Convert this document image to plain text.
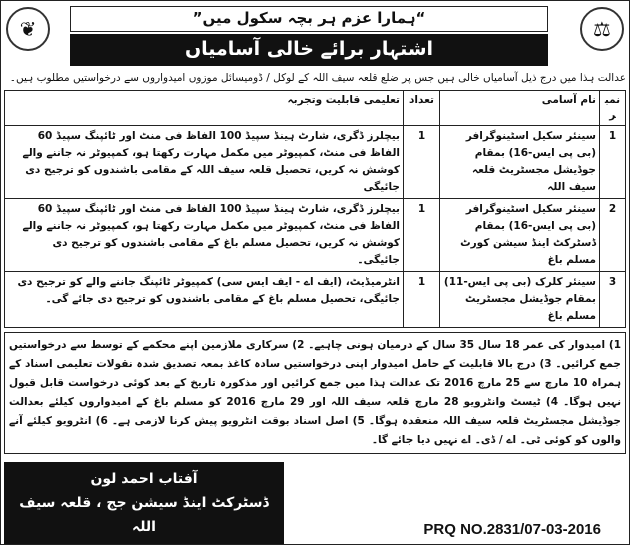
❦	⚖
“ہمارا عزم ہر بچہ سکول میں”
اشتہار برائے خالی آسامیاں
عدالت ہذا میں درج ذیل آسامیاں خالی ہیں جس پر ضلع قلعہ سیف اللہ کے لوکل / ڈومیسائل موزوں امیدواروں سے درخواستیں مطلوب ہیں۔
نمبر	نام آسامی	تعداد	تعلیمی قابلیت وتجربہ
1	سینئر سکیل اسٹینوگرافر (بی پی ایس-16) بمقام جوڈیشل مجسٹریٹ قلعہ سیف اللہ	1	بیچلرز ڈگری، شارٹ ہینڈ سپیڈ 100 الفاظ فی منٹ اور ٹائپنگ سپیڈ 60 الفاظ فی منٹ، کمپیوٹر میں مکمل مہارت رکھتا ہو، کمپیوٹر نہ جاننے والے کوشش نہ کریں، تحصیل قلعہ سیف اللہ کے مقامی باشندوں کو ترجیح دی جائیگی
2	سینئر سکیل اسٹینوگرافر (بی پی ایس-16) بمقام ڈسٹرکٹ اینڈ سیشن کورٹ مسلم باغ	1	بیچلرز ڈگری، شارٹ ہینڈ سپیڈ 100 الفاظ فی منٹ اور ٹائپنگ سپیڈ 60 الفاظ فی منٹ، کمپیوٹر میں مکمل مہارت رکھتا ہو، کمپیوٹر نہ جاننے والے کوشش نہ کریں، تحصیل مسلم باغ کے مقامی باشندوں کو ترجیح دی جائیگی۔
3	سینئر کلرک (بی پی ایس-11) بمقام جوڈیشل مجسٹریٹ مسلم باغ	1	انٹرمیڈیٹ، (ایف اے - ایف ایس سی) کمپیوٹر ٹائپنگ جاننے والے کو ترجیح دی جائیگی، تحصیل مسلم باغ کے مقامی باشندوں کو ترجیح دی جائے گی۔
1) امیدوار کی عمر 18 سال 35 سال کے درمیان ہونی چاہیے۔ 2) سرکاری ملازمین اپنے محکمے کے توسط سے درخواستیں جمع کرائیں۔ 3) درج بالا قابلیت کے حامل امیدوار اپنی درخواستیں سادہ کاغذ بمعہ تصدیق شدہ نقولات تعلیمی اسناد کے ہمراہ 10 مارچ سے 25 مارچ 2016 تک عدالت ہذا میں جمع کرائیں اور مذکورہ تاریخ کے بعد کوئی درخواست قابل قبول نہیں ہوگا۔ 4) ٹیسٹ وانٹرویو 28 مارچ قلعہ سیف اللہ اور 29 مارچ 2016 کو مسلم باغ کے امیدواروں کیلئے بعدالت جوڈیشل مجسٹریٹ قلعہ سیف اللہ منعقدہ ہوگا۔ 5) اصل اسناد بوقت انٹرویو پیش کرنا لازمی ہے۔ 6) انٹرویو کیلئے آنے والوں کو کوئی ٹی۔ اے / ڈی۔ اے نہیں دیا جائے گا۔
آفتاب احمد لون
ڈسٹرکٹ اینڈ سیشن جج ، قلعہ سیف اللہ	PRQ NO.2831/07-03-2016
